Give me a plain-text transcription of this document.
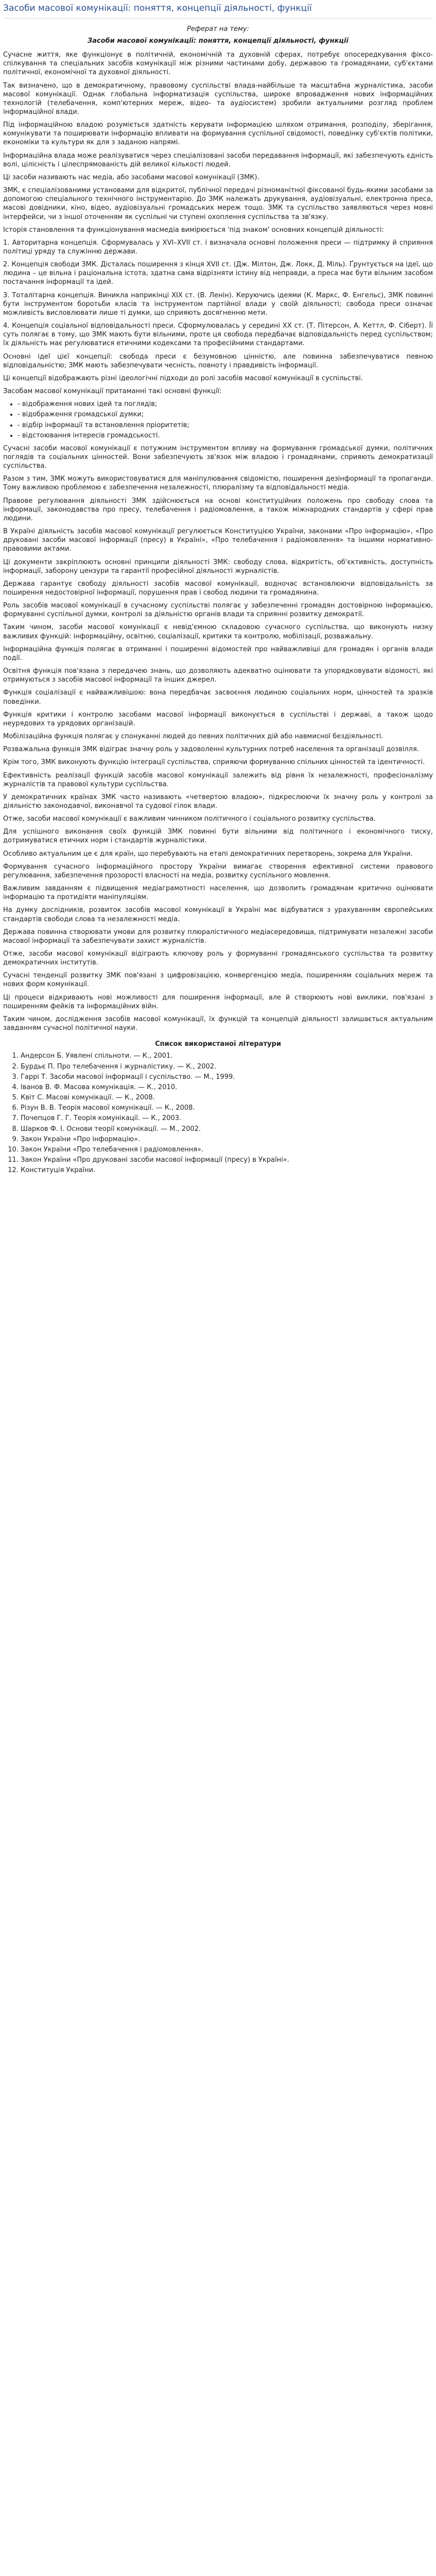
Засоби масової комунікації: поняття, концепції діяльності, функції
Реферат на тему:
Засоби масової комунікації: поняття, концепції діяльності, функції

Сучасне життя, яке функціонує в політичній, економічній та духовній сферах, потребує опосередкування фіксо-спілкування та спеціальних засобів комунікації між різними частинами добу, державою та громадянами, суб'єктами політичної, економічної та духовної діяльності.

Так визначено, що в демократичному, правовому суспільстві влада-найбільше та масштабна журналістика, засоби масової комунікації. Однак глобальна інформатизація суспільства, широке впровадження нових інформаційних технологій (телебачення, комп'ютерних мереж, відео- та аудіосистем) зробили актуальними розгляд проблем інформаційної влади.

Під інформаційною владою розуміється здатність керувати інформацією шляхом отримання, розподілу, зберігання, комунікувати та поширювати інформацію впливати на формування суспільної свідомості, поведінку суб'єктів політики, економіки та культури як для з заданою напрямі.

Інформаційна влада може реалізуватися через спеціалізовані засоби передавання інформації, які забезпечують єдність волі, цілісність і цілеспрямованість дій великої кількості людей.

Ці засоби називають нас медіа, або засобами масової комунікації (ЗМК).

ЗМК, є спеціалізованими установами для відкритої, публічної передачі різноманітної фіксованої будь-якими засобами за допомогою спеціального технічного інструментарію. До ЗМК належать друкування, аудіовізуальні, електронна преса, масові довідники, кіно, відео, аудіовізуальні громадських мереж тощо. ЗМК та суспільство заявляються через мовні інтерфейси, чи з іншої оточенням як суспільні чи ступені охоплення суспільства та зв'язку.

Історія становлення та функціонування масмедіа вимірюється 'під знаком' основних концепцій діяльності:

1. Авторитарна концепція. Сформувалась у XVI–XVII ст. і визначала основні положення преси — підтримку й сприяння політиці уряду та служінню держави.

2. Концепція свободи ЗМК. Дісталась поширення з кінця XVII ст. (Дж. Мілтон, Дж. Локк, Д. Міль). Ґрунтується на ідеї, що людина – це вільна і раціональна істота, здатна сама відрізняти істину від неправди, а преса має бути вільним засобом постачання інформації та ідей.

3. Тоталітарна концепція. Виникла наприкінці XIX ст. (В. Ленін). Керуючись ідеями (К. Маркс, Ф. Енгельс), ЗМК повинні бути інструментом боротьби класів та інструментом партійної влади у своїй діяльності; свобода преси означає можливість висловлювати лише ті думки, що сприяють досягненню мети.

4. Концепція соціальної відповідальності преси. Сформулювалась у середині XX ст. (Т. Пітерсон, А. Кеттл, Ф. Сіберт). Її суть полягає в тому, що ЗМК мають бути вільними, проте ця свобода передбачає відповідальність перед суспільством; їх діяльність має регулюватися етичними кодексами та професійними стандартами.

Основні ідеї цієї концепції: свобода преси є безумовною цінністю, але повинна забезпечуватися певною відповідальністю; ЗМК мають забезпечувати чесність, повноту і правдивість інформації.

Ці концепції відображають різні ідеологічні підходи до ролі засобів масової комунікації в суспільстві.

Засобам масової комунікації притаманні такі основні функції:

• - відображення нових ідей та поглядів;
• - відображення громадської думки;
• - відбір інформації та встановлення пріоритетів;
• - відстоювання інтересів громадськості.

Сучасні засоби масової комунікації є потужним інструментом впливу на формування громадської думки, політичних поглядів та соціальних цінностей. Вони забезпечують зв'язок між владою і громадянами, сприяють демократизації суспільства.

Разом з тим, ЗМК можуть використовуватися для маніпулювання свідомістю, поширення дезінформації та пропаганди. Тому важливою проблемою є забезпечення незалежності, плюралізму та відповідальності медіа.

Правове регулювання діяльності ЗМК здійснюється на основі конституційних положень про свободу слова та інформації, законодавства про пресу, телебачення і радіомовлення, а також міжнародних стандартів у сфері прав людини.

В Україні діяльність засобів масової комунікації регулюється Конституцією України, законами «Про інформацію», «Про друковані засоби масової інформації (пресу) в Україні», «Про телебачення і радіомовлення» та іншими нормативно-правовими актами.

Ці документи закріплюють основні принципи діяльності ЗМК: свободу слова, відкритість, об'єктивність, доступність інформації, заборону цензури та гарантії професійної діяльності журналістів.

Держава гарантує свободу діяльності засобів масової комунікації, водночас встановлюючи відповідальність за поширення недостовірної інформації, порушення прав і свобод людини та громадянина.

Роль засобів масової комунікації в сучасному суспільстві полягає у забезпеченні громадян достовірною інформацією, формуванні суспільної думки, контролі за діяльністю органів влади та сприянні розвитку демократії.

Таким чином, засоби масової комунікації є невід'ємною складовою сучасного суспільства, що виконують низку важливих функцій: інформаційну, освітню, соціалізації, критики та контролю, мобілізації, розважальну.

Інформаційна функція полягає в отриманні і поширенні відомостей про найважливіші для громадян і органів влади події.

Освітня функція пов'язана з передачею знань, що дозволяють адекватно оцінювати та упорядковувати відомості, які отримуються з засобів масової інформації та інших джерел.

Функція соціалізації є найважливішою: вона передбачає засвоєння людиною соціальних норм, цінностей та зразків поведінки.

Функція критики і контролю засобами масової інформації виконується в суспільстві і державі, а також щодо неурядових та урядових організацій.

Мобілізаційна функція полягає у спонуканні людей до певних політичних дій або навмисної бездіяльності.

Розважальна функція ЗМК відіграє значну роль у задоволенні культурних потреб населення та організації дозвілля.

Крім того, ЗМК виконують функцію інтеграції суспільства, сприяючи формуванню спільних цінностей та ідентичності.

Ефективність реалізації функцій засобів масової комунікації залежить від рівня їх незалежності, професіоналізму журналістів та правової культури суспільства.

У демократичних країнах ЗМК часто називають «четвертою владою», підкреслюючи їх значну роль у контролі за діяльністю законодавчої, виконавчої та судової гілок влади.

Отже, засоби масової комунікації є важливим чинником політичного і соціального розвитку суспільства.

Для успішного виконання своїх функцій ЗМК повинні бути вільними від політичного і економічного тиску, дотримуватися етичних норм і стандартів журналістики.

Особливо актуальним це є для країн, що перебувають на етапі демократичних перетворень, зокрема для України.

Формування сучасного інформаційного простору України вимагає створення ефективної системи правового регулювання, забезпечення прозорості власності на медіа, розвитку суспільного мовлення.

Важливим завданням є підвищення медіаграмотності населення, що дозволить громадянам критично оцінювати інформацію та протидіяти маніпуляціям.

На думку дослідників, розвиток засобів масової комунікації в Україні має відбуватися з урахуванням європейських стандартів свободи слова та незалежності медіа.

Держава повинна створювати умови для розвитку плюралістичного медіасередовища, підтримувати незалежні засоби масової інформації та забезпечувати захист журналістів.

Отже, засоби масової комунікації відіграють ключову роль у формуванні громадянського суспільства та розвитку демократичних інститутів.

Сучасні тенденції розвитку ЗМК пов'язані з цифровізацією, конвергенцією медіа, поширенням соціальних мереж та нових форм комунікації.

Ці процеси відкривають нові можливості для поширення інформації, але й створюють нові виклики, пов'язані з поширенням фейків та інформаційних війн.

Таким чином, дослідження засобів масової комунікації, їх функцій та концепцій діяльності залишається актуальним завданням сучасної політичної науки.

Список використаної літератури
1. Андерсон Б. Уявлені спільноти. — К., 2001.
2. Бурдьє П. Про телебачення і журналістику. — К., 2002.
3. Гаррі Т. Засоби масової інформації і суспільство. — М., 1999.
4. Іванов В. Ф. Масова комунікація. — К., 2010.
5. Квіт С. Масові комунікації. — К., 2008.
6. Різун В. В. Теорія масової комунікації. — К., 2008.
7. Почепцов Г. Г. Теорія комунікації. — К., 2003.
8. Шарков Ф. І. Основи теорії комунікації. — М., 2002.
9. Закон України «Про інформацію».
10. Закон України «Про телебачення і радіомовлення».
11. Закон України «Про друковані засоби масової інформації (пресу) в Україні».
12. Конституція України.
